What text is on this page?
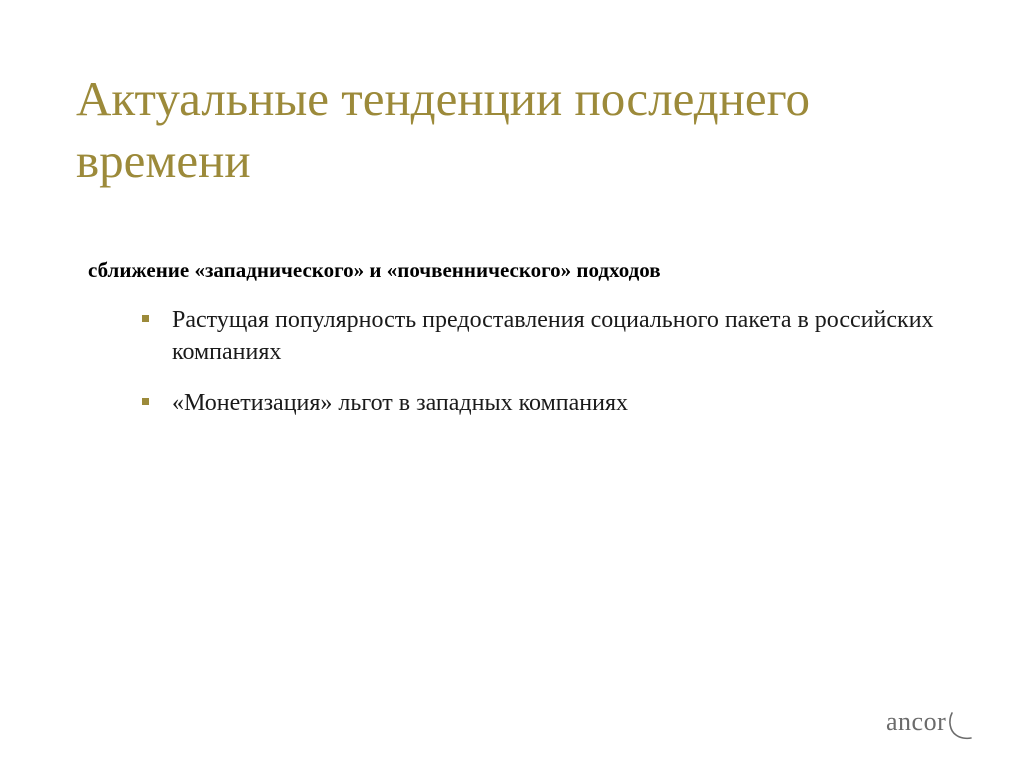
Актуальные тенденции последнего времени

сближение «западнического» и «почвеннического» подходов

Растущая популярность предоставления социального пакета в российских компаниях
«Монетизация» льгот в западных компаниях
ancor
